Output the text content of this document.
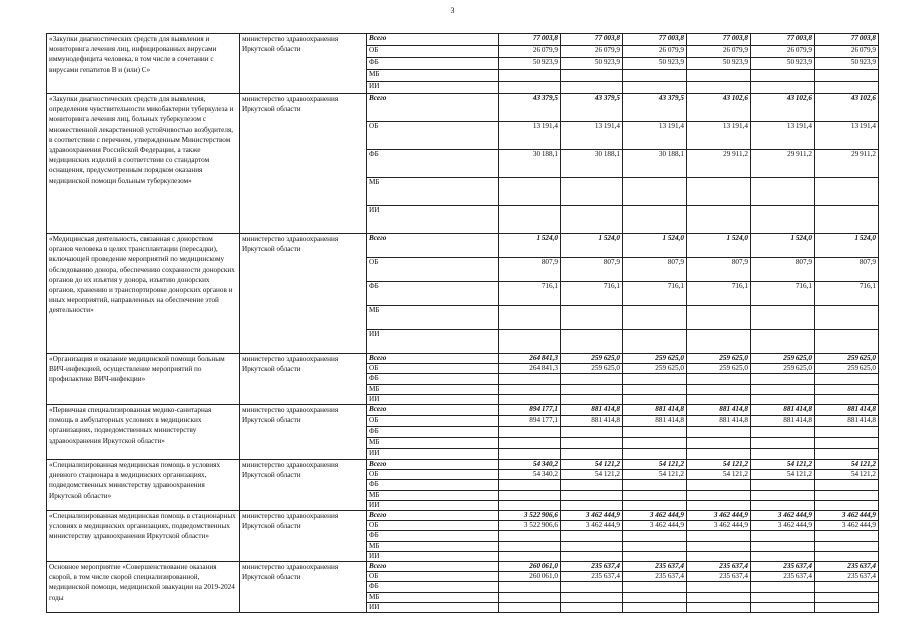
3
«Закупки диагностических средств для выявления и мониторинга лечения лиц, инфицированных вирусами иммунодефицита человека, в том числе в сочетании с вирусами гепатитов В и (или) С»	министерство здравоохранения Иркутской области	Всего	77 003,8	77 003,8	77 003,8	77 003,8	77 003,8	77 003,8
		ОБ	26 079,9	26 079,9	26 079,9	26 079,9	26 079,9	26 079,9
		ФБ	50 923,9	50 923,9	50 923,9	50 923,9	50 923,9	50 923,9
		МБ						
		ИИ						
«Закупки диагностических средств для выявления, определения чувствительности микобактерии туберкулеза и мониторинга лечения лиц, больных туберкулезом с множественной лекарственной устойчивостью возбудителя, в соответствии с перечнем, утвержденным Министерством здравоохранения Российской Федерации, а также медицинских изделий в соответствии со стандартом оснащения, предусмотренным порядком оказания медицинской помощи больным туберкулезом»	министерство здравоохранения Иркутской области	Всего	43 379,5	43 379,5	43 379,5	43 102,6	43 102,6	43 102,6
		ОБ	13 191,4	13 191,4	13 191,4	13 191,4	13 191,4	13 191,4
		ФБ	30 188,1	30 188,1	30 188,1	29 911,2	29 911,2	29 911,2
		МБ						
		ИИ						
«Медицинская деятельность, связанная с донорством органов человека в целях трансплантации (пересадки), включающей проведение мероприятий по медицинскому обследованию донора, обеспечению сохранности донорских органов до их изъятия у донора, изъятию донорских органов, хранению и транспортировке донорских органов и иных мероприятий, направленных на обеспечение этой деятельности»	министерство здравоохранения Иркутской области	Всего	1 524,0	1 524,0	1 524,0	1 524,0	1 524,0	1 524,0
		ОБ	807,9	807,9	807,9	807,9	807,9	807,9
		ФБ	716,1	716,1	716,1	716,1	716,1	716,1
		МБ						
		ИИ						
«Организация и оказание медицинской помощи больным ВИЧ-инфекцией, осуществление мероприятий по профилактике ВИЧ-инфекции»	министерство здравоохранения Иркутской области	Всего	264 841,3	259 625,0	259 625,0	259 625,0	259 625,0	259 625,0
		ОБ	264 841,3	259 625,0	259 625,0	259 625,0	259 625,0	259 625,0
		ФБ						
		МБ						
		ИИ						
«Первичная специализированная медико-санитарная помощь в амбулаторных условиях в медицинских организациях, подведомственных министерству здравоохранения Иркутской области»	министерство здравоохранения Иркутской области	Всего	894 177,1	881 414,8	881 414,8	881 414,8	881 414,8	881 414,8
		ОБ	894 177,1	881 414,8	881 414,8	881 414,8	881 414,8	881 414,8
		ФБ						
		МБ						
		ИИ						
«Специализированная медицинская помощь в условиях дневного стационара в медицинских организациях, подведомственных министерству здравоохранения Иркутской области»	министерство здравоохранения Иркутской области	Всего	54 340,2	54 121,2	54 121,2	54 121,2	54 121,2	54 121,2
		ОБ	54 340,2	54 121,2	54 121,2	54 121,2	54 121,2	54 121,2
		ФБ						
		МБ						
		ИИ						
«Специализированная медицинская помощь в стационарных условиях в медицинских организациях, подведомственных министерству здравоохранения Иркутской области»	министерство здравоохранения Иркутской области	Всего	3 522 906,6	3 462 444,9	3 462 444,9	3 462 444,9	3 462 444,9	3 462 444,9
		ОБ	3 522 906,6	3 462 444,9	3 462 444,9	3 462 444,9	3 462 444,9	3 462 444,9
		ФБ						
		МБ						
		ИИ						
Основное мероприятие «Совершенствование оказания скорой, в том числе скорой специализированной, медицинской помощи, медицинской эвакуации на 2019-2024 годы	министерство здравоохранения Иркутской области	Всего	260 061,0	235 637,4	235 637,4	235 637,4	235 637,4	235 637,4
		ОБ	260 061,0	235 637,4	235 637,4	235 637,4	235 637,4	235 637,4
		ФБ						
		МБ						
		ИИ						
